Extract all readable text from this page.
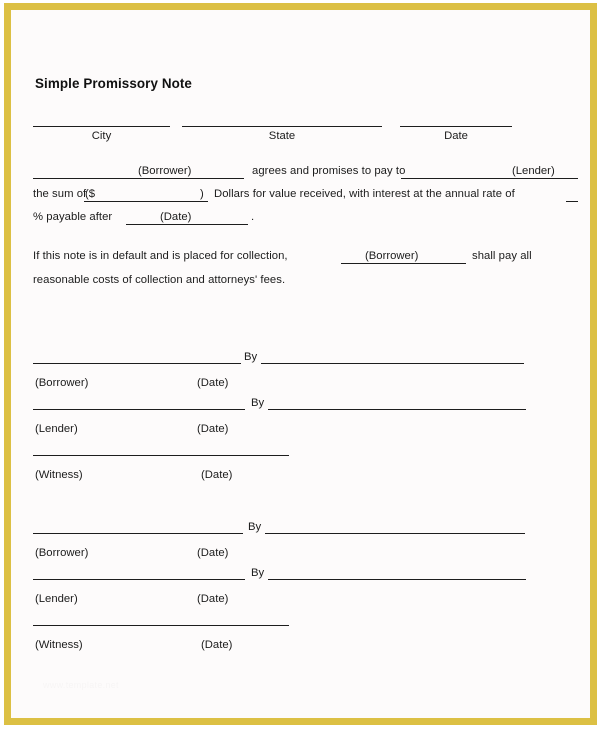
Simple Promissory Note
City	State	Date
(Borrower)	agrees and promises to pay to	(Lender)
the sum of
($	) Dollars for value received, with interest at the annual rate of
% payable after	(Date)	.
If this note is in default and is placed for collection,	(Borrower)	shall pay all
reasonable costs of collection and attorneys' fees.
By
(Borrower)	(Date)
By
(Lender)	(Date)
(Witness)	(Date)
By
(Borrower)	(Date)
By
(Lender)	(Date)
(Witness)	(Date)
www.template.net
